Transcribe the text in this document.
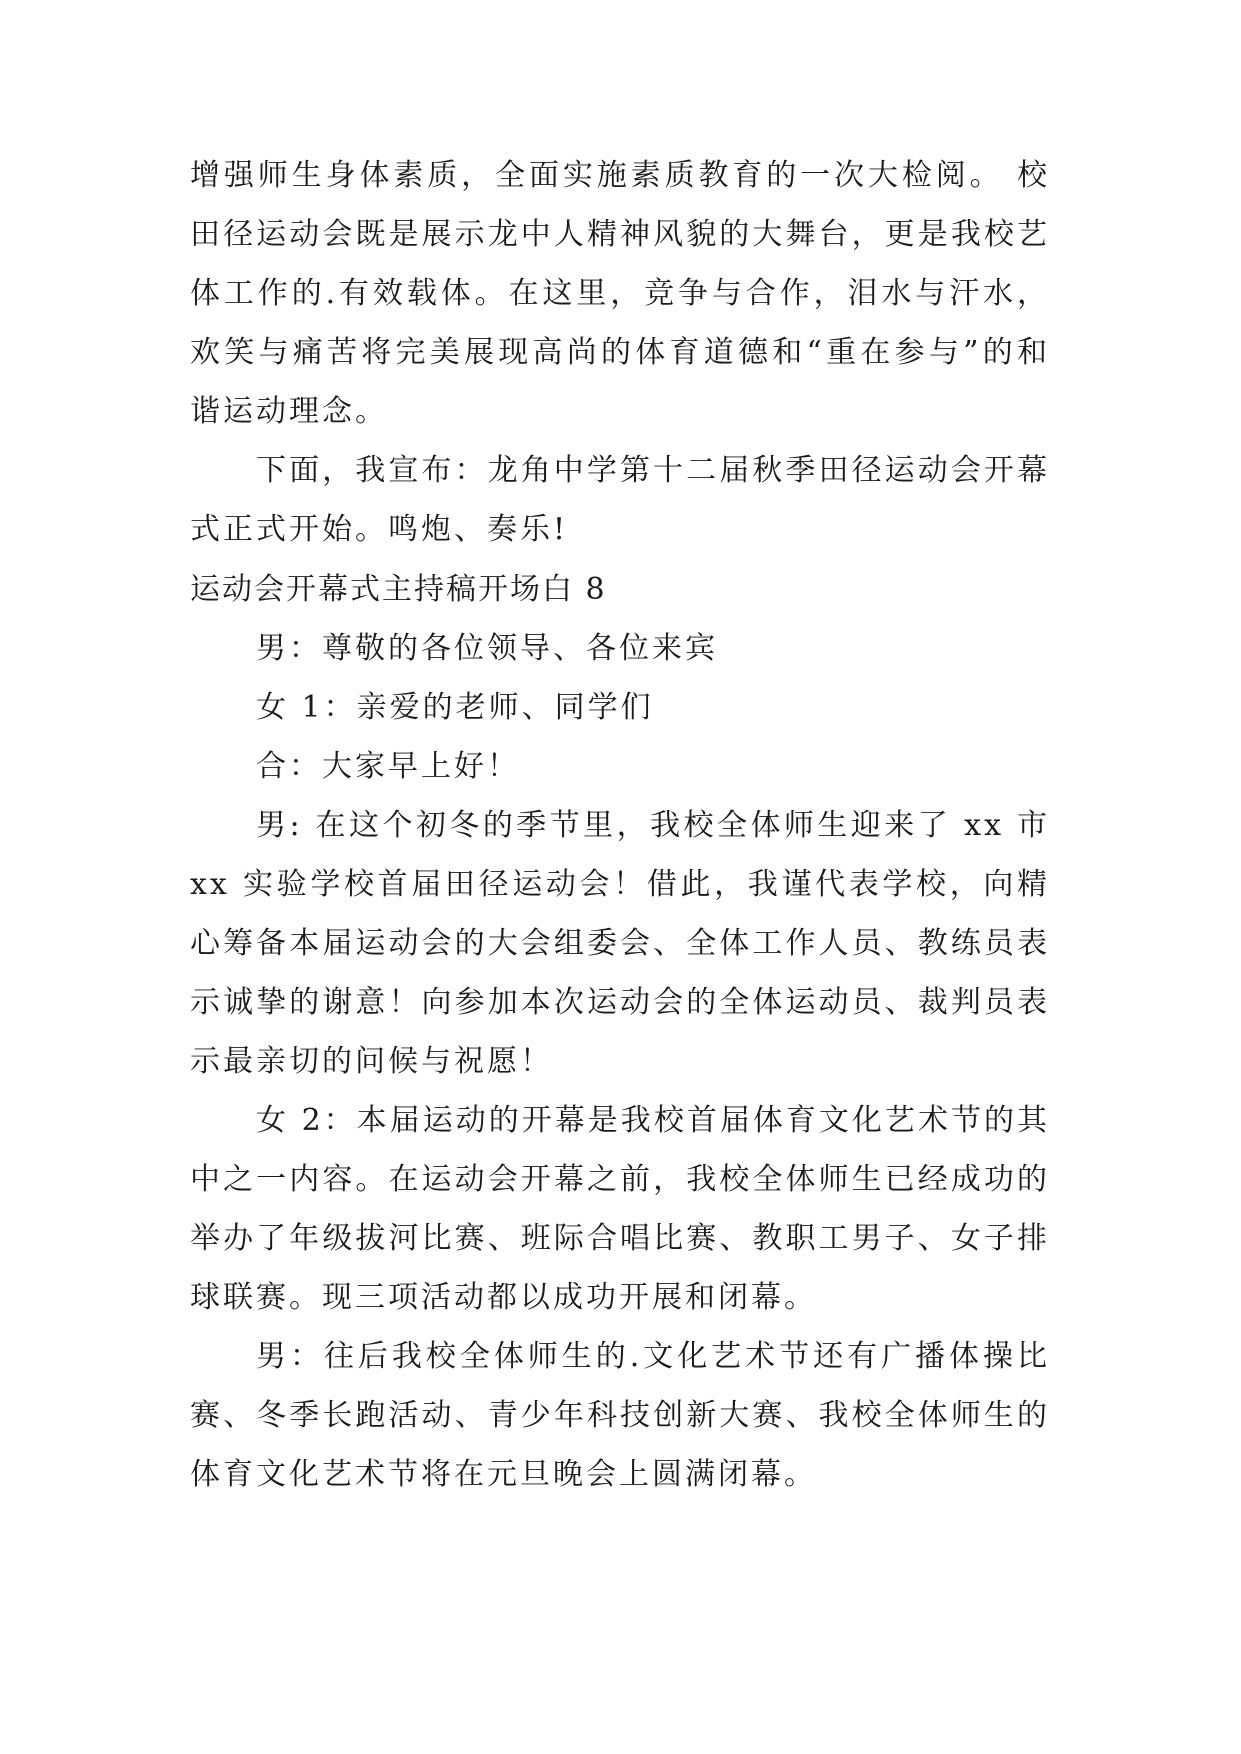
增强师生身体素质，全面实施素质教育的一次大检阅。 校田径运动会既是展示龙中人精神风貌的大舞台，更是我校艺体工作的.有效载体。在这里，竞争与合作，泪水与汗水，欢笑与痛苦将完美展现高尚的体育道德和“重在参与”的和谐运动理念。

下面，我宣布：龙角中学第十二届秋季田径运动会开幕式正式开始。鸣炮、奏乐!

运动会开幕式主持稿开场白 8

男：尊敬的各位领导、各位来宾

女 1：亲爱的老师、同学们

合：大家早上好！

男: 在这个初冬的季节里，我校全体师生迎来了 xx 市 xx 实验学校首届田径运动会！借此，我谨代表学校，向精心筹备本届运动会的大会组委会、全体工作人员、教练员表示诚挚的谢意！向参加本次运动会的全体运动员、裁判员表示最亲切的问候与祝愿！

女 2：本届运动的开幕是我校首届体育文化艺术节的其中之一内容。在运动会开幕之前，我校全体师生已经成功的举办了年级拔河比赛、班际合唱比赛、教职工男子、女子排球联赛。现三项活动都以成功开展和闭幕。

男：往后我校全体师生的.文化艺术节还有广播体操比赛、冬季长跑活动、青少年科技创新大赛、我校全体师生的体育文化艺术节将在元旦晚会上圆满闭幕。
